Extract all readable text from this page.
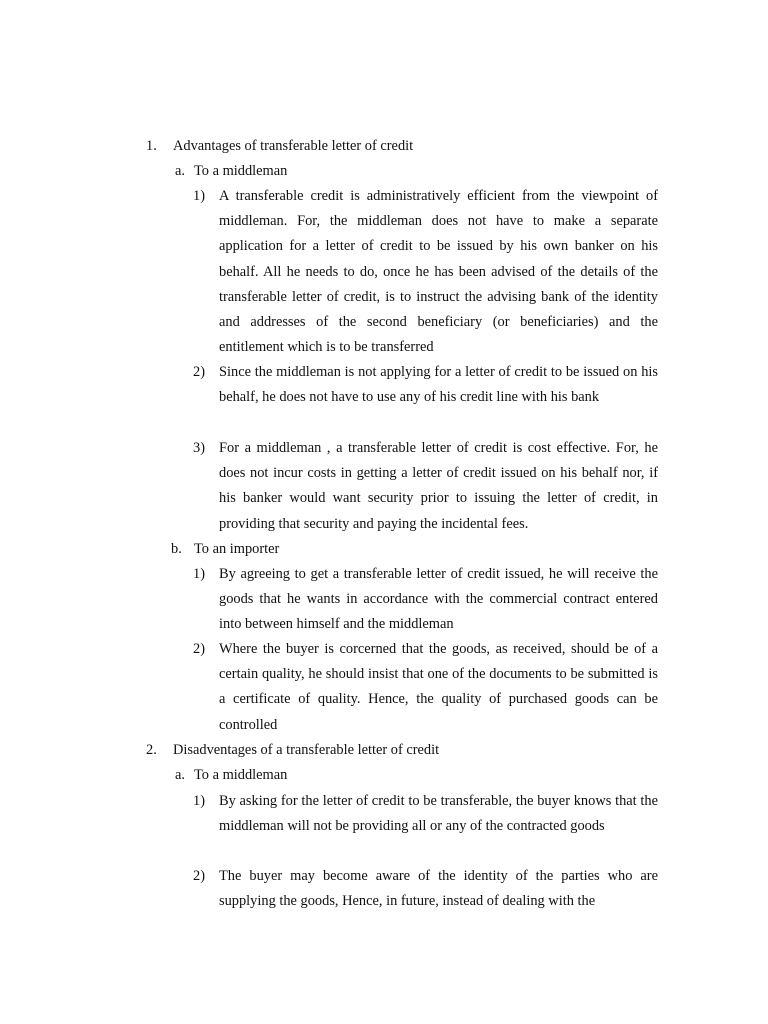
1.	Advantages of transferable letter of credit
a. To a middleman
1) A transferable credit is administratively efficient from the viewpoint of middleman. For, the middleman does not have to make a separate application for a letter of credit to be issued by his own banker on his behalf. All he needs to do, once he has been advised of the details of the transferable letter of credit, is to instruct the advising bank of the identity and addresses of the second beneficiary (or beneficiaries) and the entitlement which is to be transferred
2) Since the middleman is not applying for a letter of credit to be issued on his behalf, he does not have to use any of his credit line with his bank
3) For a middleman , a transferable letter of credit is cost effective. For, he does not incur costs in getting a letter of credit issued on his behalf nor, if his banker would want security prior to issuing the letter of credit, in providing that security and paying the incidental fees.
b. To an importer
1) By agreeing to get a transferable letter of credit issued, he will receive the goods that he wants in accordance with the commercial contract entered into between himself and the middleman
2) Where the buyer is corcerned that the goods, as received, should be of a certain quality, he should insist that one of the documents to be submitted is a certificate of quality. Hence, the quality of purchased goods can be controlled
2.	Disadventages of a transferable letter of credit
a. To a middleman
1) By asking for the letter of credit to be transferable, the buyer knows that the middleman will not be providing all or any of the contracted goods
2) The buyer may become aware of the identity of the parties who are supplying the goods, Hence, in future, instead of dealing with the
